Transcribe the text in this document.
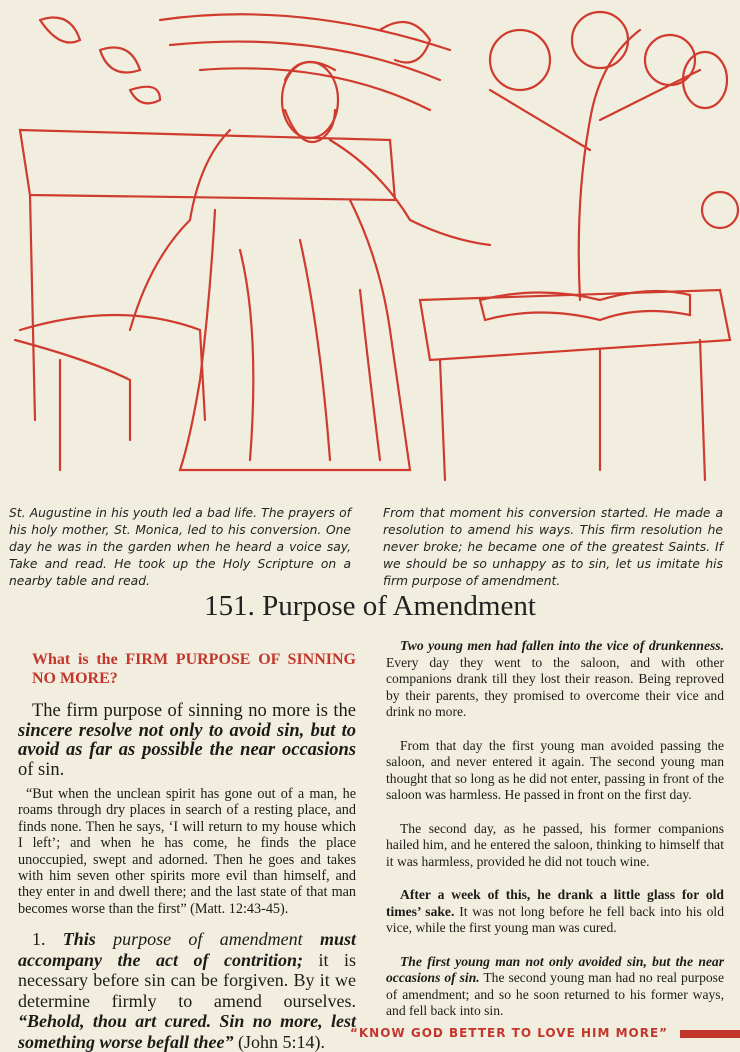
St. Augustine in his youth led a bad life. The prayers of his holy mother, St. Monica, led to his conversion. One day he was in the garden when he heard a voice say, Take and read. He took up the Holy Scripture on a nearby table and read.
From that moment his conversion started. He made a resolution to amend his ways. This firm resolution he never broke; he became one of the greatest Saints. If we should be so unhappy as to sin, let us imitate his firm purpose of amendment.
151. Purpose of Amendment
What is the FIRM PURPOSE OF SINNING NO MORE?

The firm purpose of sinning no more is the sincere resolve not only to avoid sin, but to avoid as far as possible the near occasions of sin.

“But when the unclean spirit has gone out of a man, he roams through dry places in search of a resting place, and finds none. Then he says, ‘I will return to my house which I left’; and when he has come, he finds the place unoccupied, swept and adorned. Then he goes and takes with him seven other spirits more evil than himself, and they enter in and dwell there; and the last state of that man becomes worse than the first” (Matt. 12:43-45).

1. This purpose of amendment must accompany the act of contrition; it is necessary before sin can be forgiven. By it we determine firmly to amend ourselves. “Behold, thou art cured. Sin no more, lest something worse befall thee” (John 5:14).

Two young men had fallen into the vice of drunkenness. Every day they went to the saloon, and with other companions drank till they lost their reason. Being reproved by their parents, they promised to overcome their vice and drink no more.

From that day the first young man avoided passing the saloon, and never entered it again. The second young man thought that so long as he did not enter, passing in front of the saloon was harmless. He passed in front on the first day.

The second day, as he passed, his former companions hailed him, and he entered the saloon, thinking to himself that it was harmless, provided he did not touch wine.

After a week of this, he drank a little glass for old times’ sake. It was not long before he fell back into his old vice, while the first young man was cured.

The first young man not only avoided sin, but the near occasions of sin. The second young man had no real purpose of amendment; and so he soon returned to his former ways, and fell back into sin.

“KNOW GOD BETTER TO LOVE HIM MORE”
